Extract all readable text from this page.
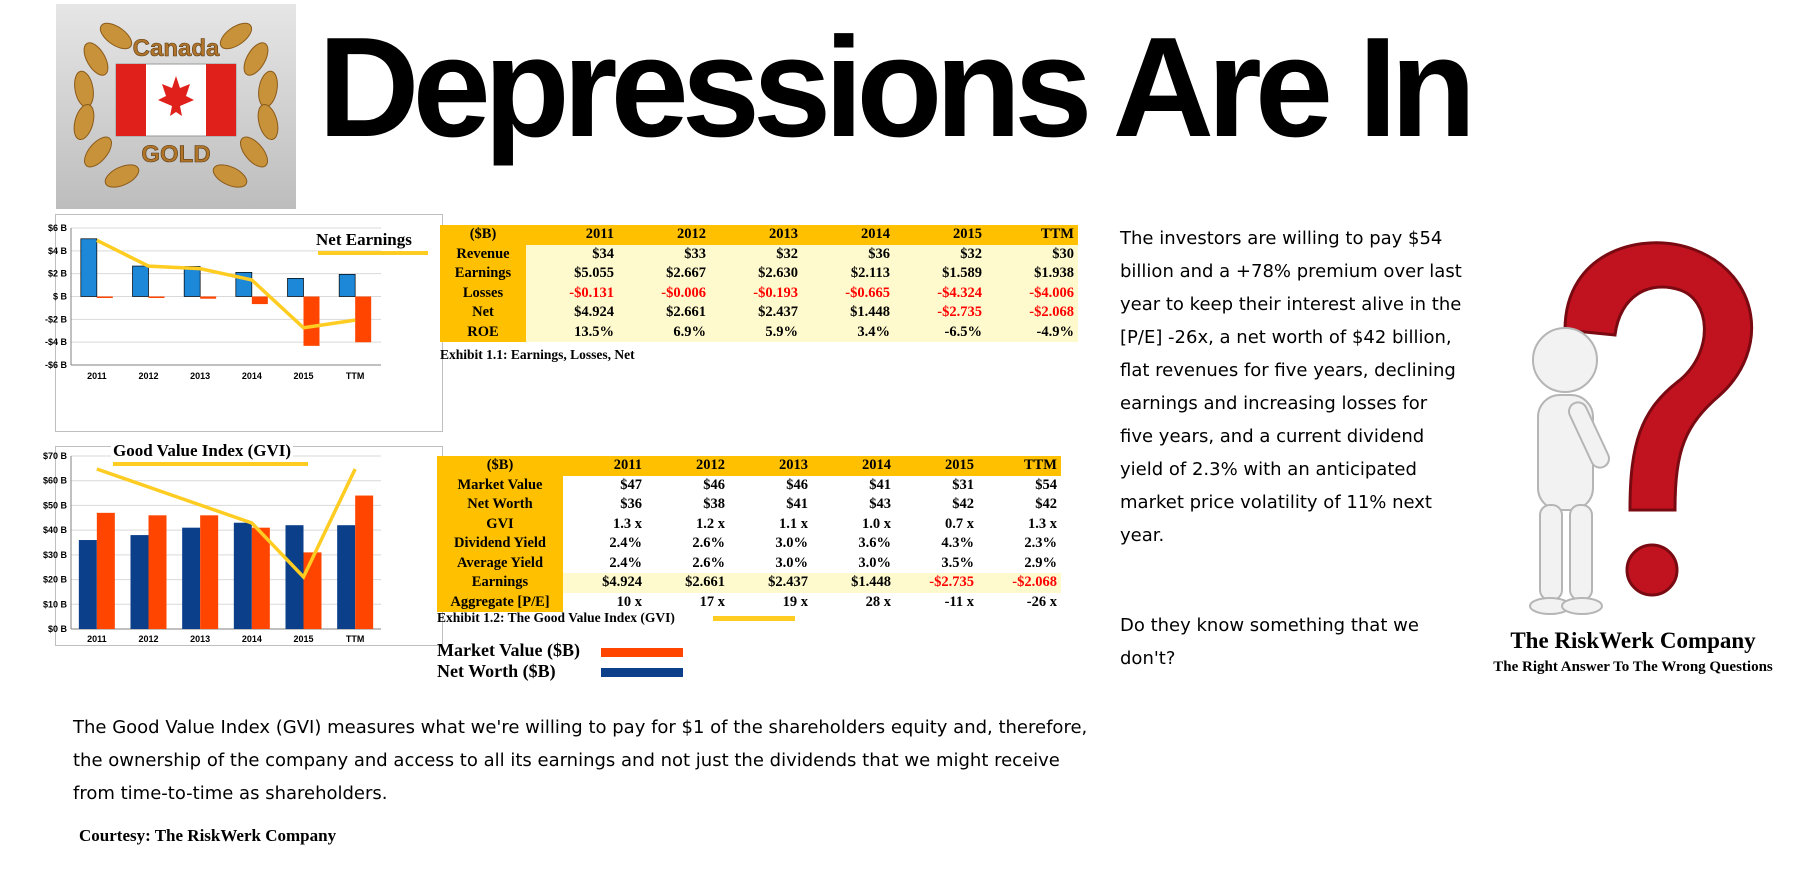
Canada
GOLD Depressions Are In
$6 B
$4 B
$2 B
$ B
-$2 B
-$4 B
-$6 B
2011	2012	2013	2014	2015	TTM
Net Earnings	($B)	2011	2012	2013	2014	2015	TTM
Revenue	$34	$33	$32	$36	$32	$30
Earnings	$5.055	$2.667	$2.630	$2.113	$1.589	$1.938
Losses	-$0.131	-$0.006	-$0.193	-$0.665	-$4.324	-$4.006
Net	$4.924	$2.661	$2.437	$1.448	-$2.735	-$2.068
ROE	13.5%	6.9%	5.9%	3.4%	-6.5%	-4.9%
Exhibit 1.1: Earnings, Losses, Net
$70 B
$60 B
$50 B
$40 B
$30 B
$20 B
$10 B
$0 B
2011	2012	2013	2014	2015	TTM
Good Value Index (GVI)
($B)	2011	2012	2013	2014	2015	TTM
Market Value	$47	$46	$46	$41	$31	$54
Net Worth	$36	$38	$41	$43	$42	$42
GVI	1.3 x	1.2 x	1.1 x	1.0 x	0.7 x	1.3 x
Dividend Yield	2.4%	2.6%	3.0%	3.6%	4.3%	2.3%
Average Yield	2.4%	2.6%	3.0%	3.0%	3.5%	2.9%
Earnings	$4.924	$2.661	$2.437	$1.448	-$2.735	-$2.068
Aggregate [P/E]	10 x	17 x	19 x	28 x	-11 x	-26 x
Exhibit 1.2: The Good Value Index (GVI)
Market Value ($B)
Net Worth ($B)
The investors are willing to pay $54 billion and a +78% premium over last year to keep their interest alive in the [P/E] -26x, a net worth of $42 billion, flat revenues for five years, declining earnings and increasing losses for five years, and a current dividend yield of 2.3% with an anticipated market price volatility of 11% next year.
Do they know something that we don't?
The RiskWerk Company
The Right Answer To The Wrong Questions
The Good Value Index (GVI) measures what we're willing to pay for $1 of the shareholders equity and, therefore, the ownership of the company and access to all its earnings and not just the dividends that we might receive from time-to-time as shareholders.
Courtesy: The RiskWerk Company
